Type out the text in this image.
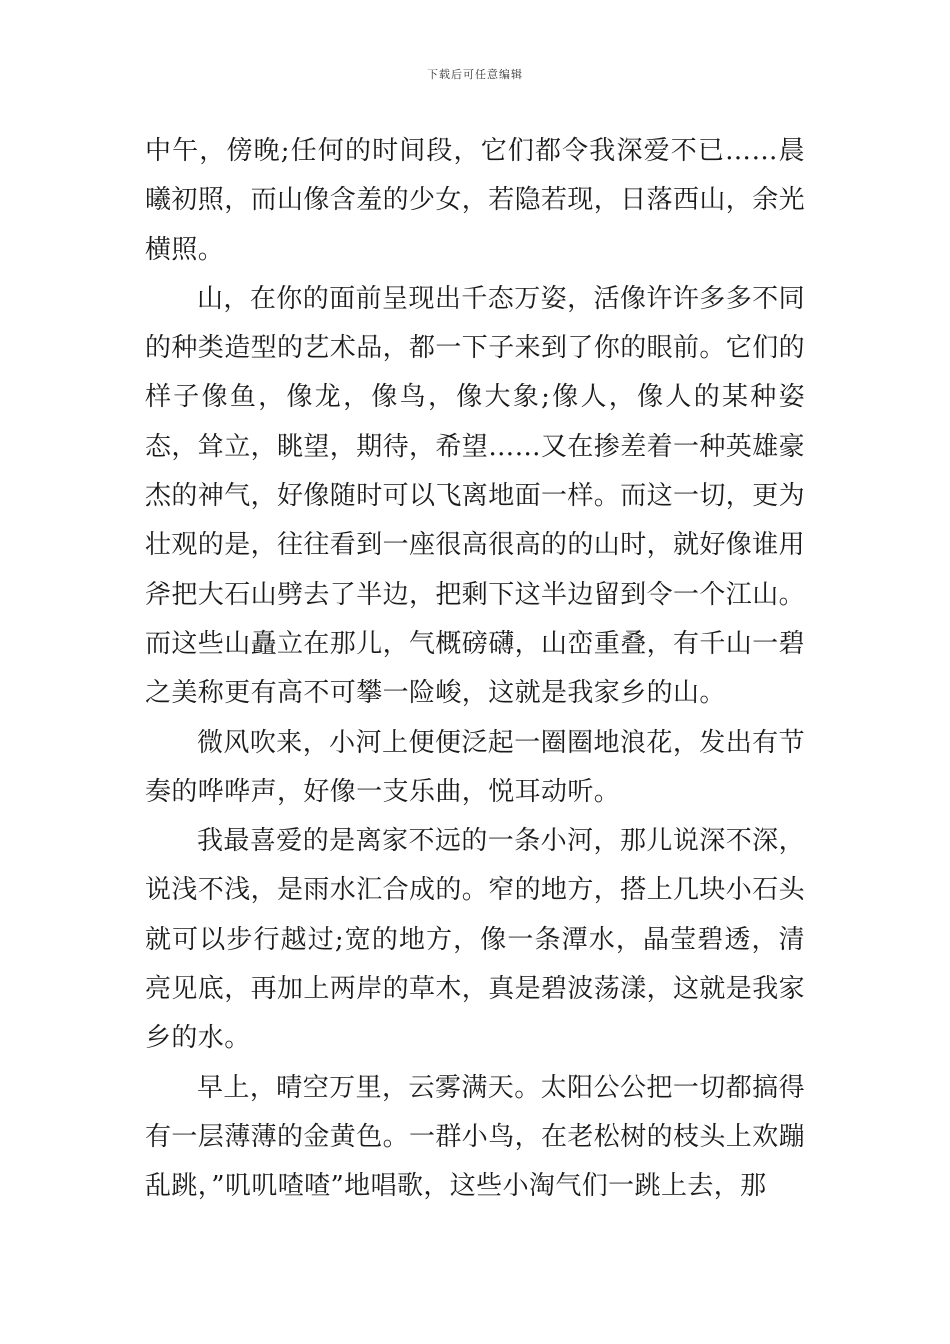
下载后可任意编辑

中午，傍晚;任何的时间段，它们都令我深爱不已……晨曦初照，而山像含羞的少女，若隐若现，日落西山，余光横照。

山，在你的面前呈现出千态万姿，活像许许多多不同的种类造型的艺术品，都一下子来到了你的眼前。它们的样子像鱼，像龙，像鸟，像大象;像人，像人的某种姿态，耸立，眺望，期待，希望……又在掺差着一种英雄豪杰的神气，好像随时可以飞离地面一样。而这一切，更为壮观的是，往往看到一座很高很高的的山时，就好像谁用斧把大石山劈去了半边，把剩下这半边留到令一个江山。而这些山矗立在那儿，气概磅礴，山峦重叠，有千山一碧之美称更有高不可攀一险峻，这就是我家乡的山。

微风吹来，小河上便便泛起一圈圈地浪花，发出有节奏的哗哗声，好像一支乐曲，悦耳动听。

我最喜爱的是离家不远的一条小河，那儿说深不深，说浅不浅，是雨水汇合成的。窄的地方，搭上几块小石头就可以步行越过;宽的地方，像一条潭水，晶莹碧透，清亮见底，再加上两岸的草木，真是碧波荡漾，这就是我家乡的水。

早上，晴空万里，云雾满天。太阳公公把一切都搞得有一层薄薄的金黄色。一群小鸟，在老松树的枝头上欢蹦乱跳，”叽叽喳喳”地唱歌，这些小淘气们一跳上去，那
